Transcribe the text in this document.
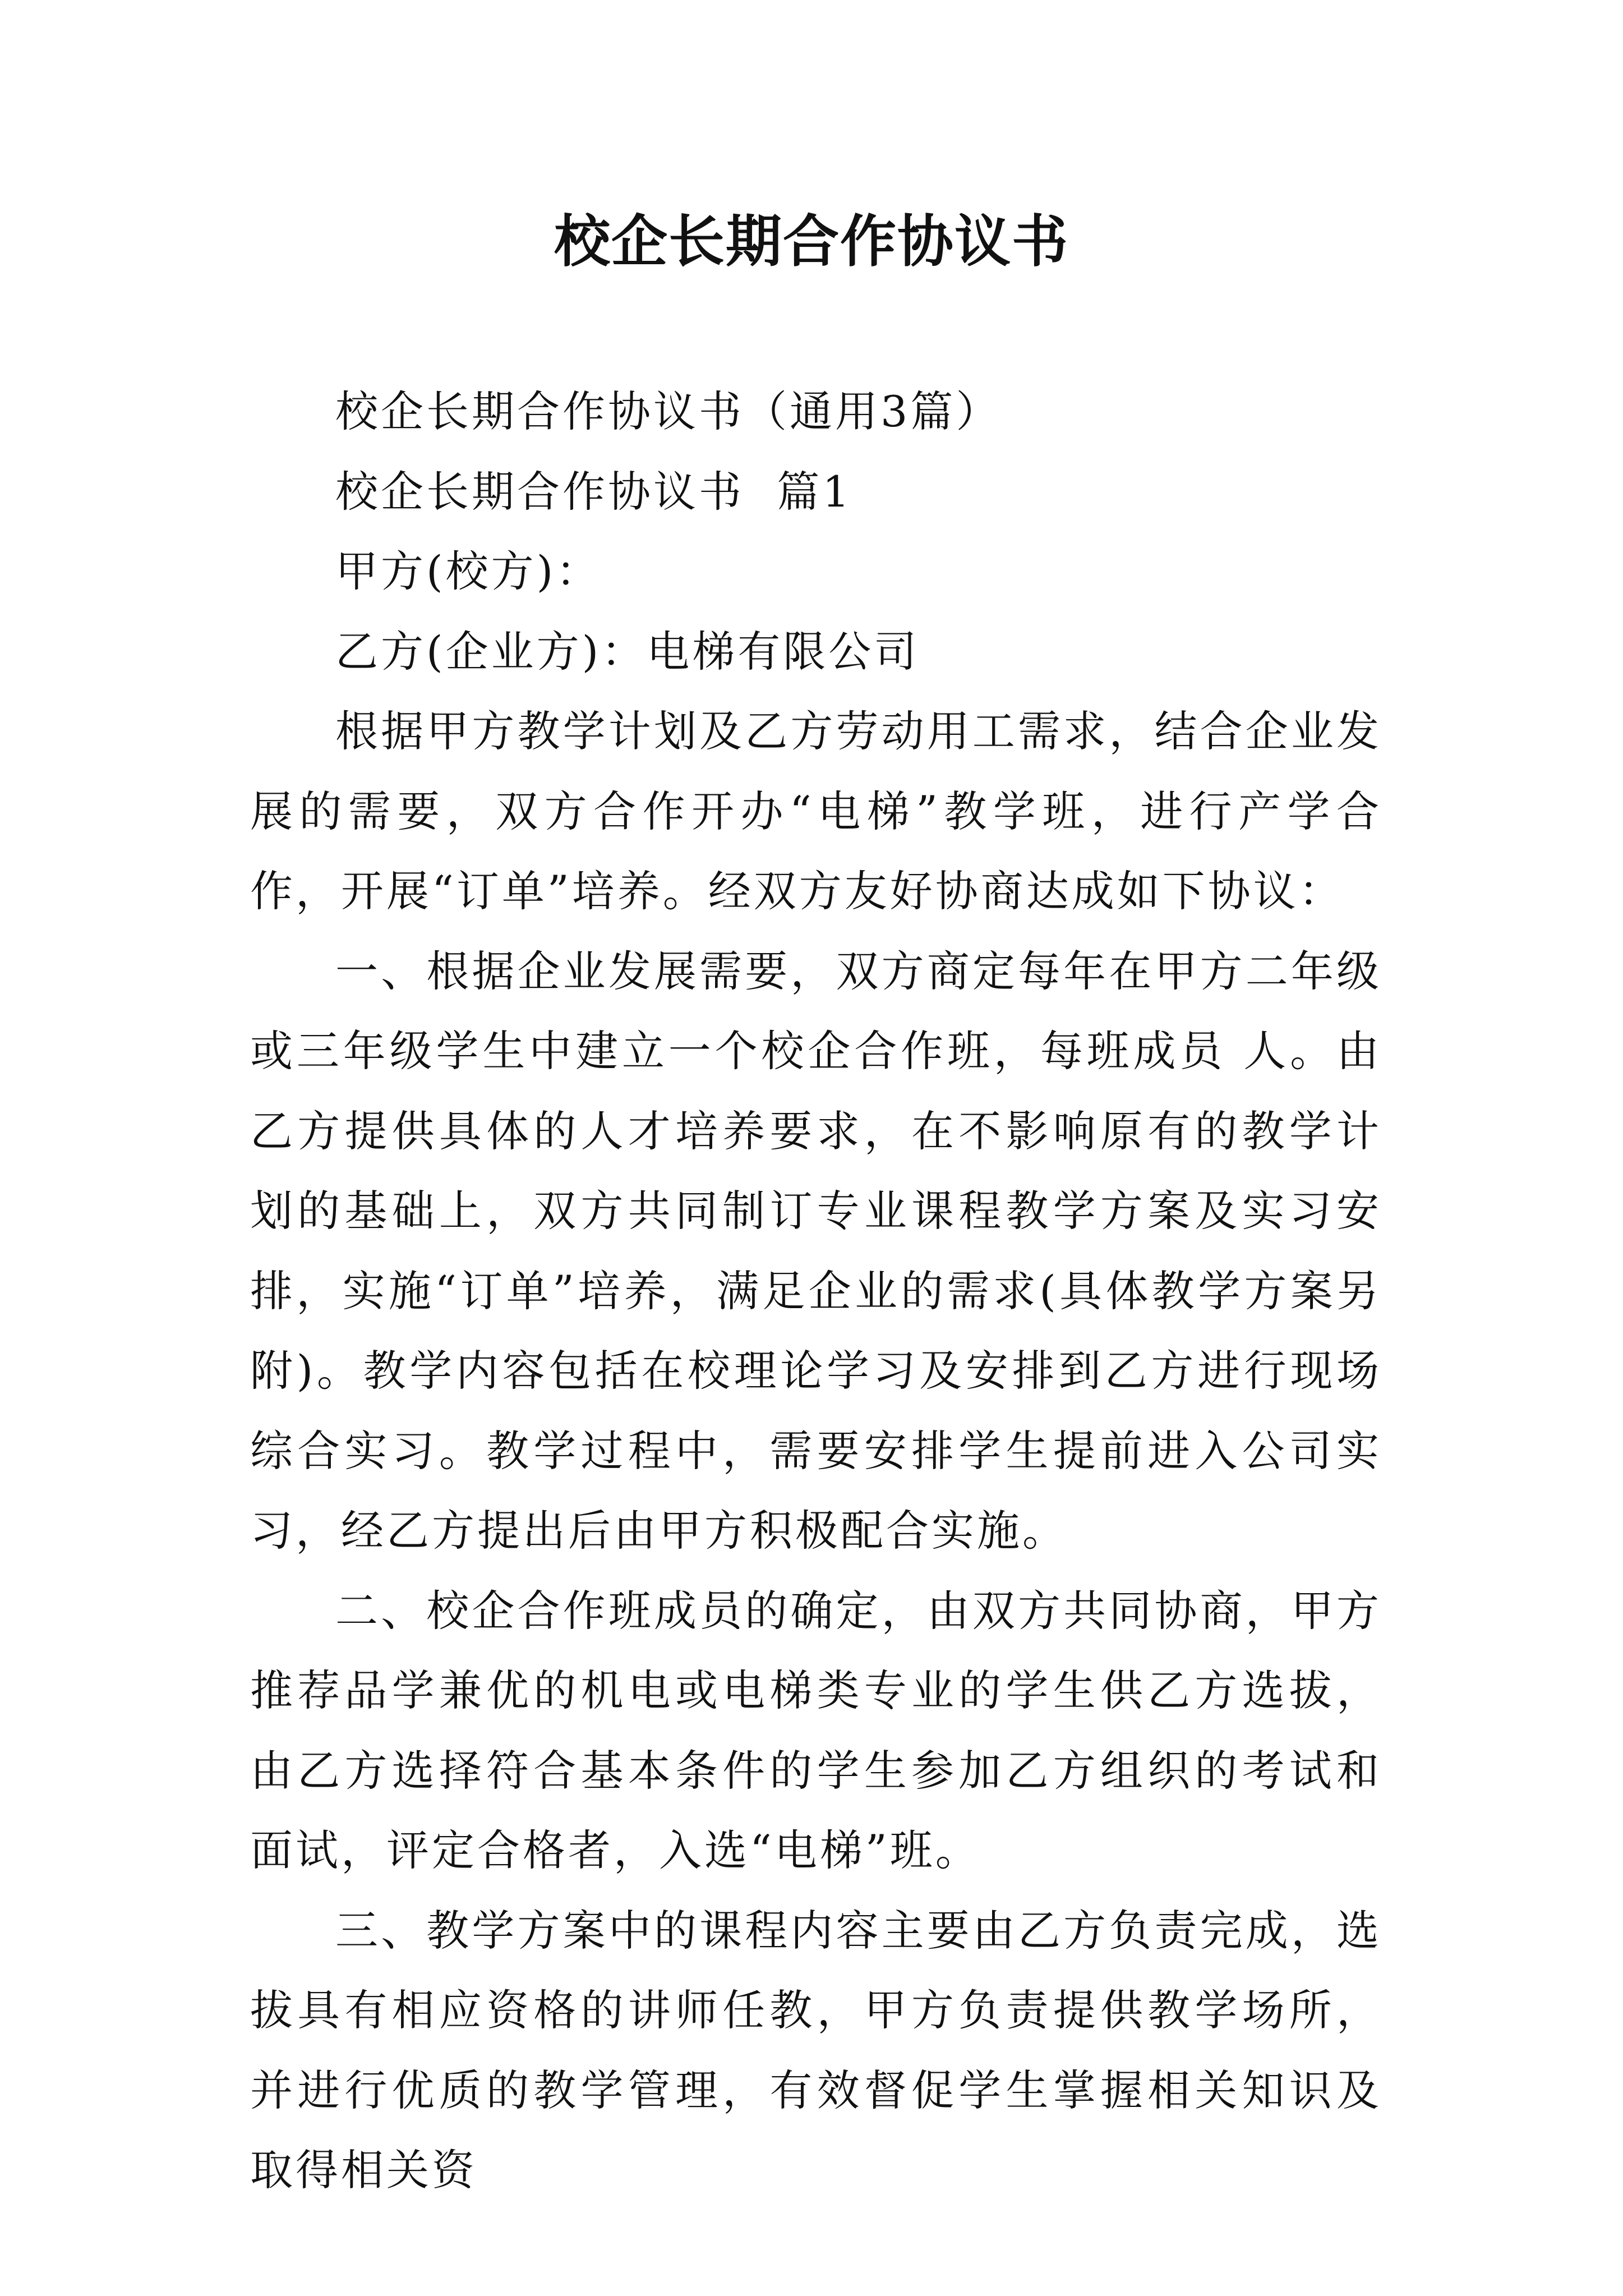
校企长期合作协议书

校企长期合作协议书（通用3篇）

校企长期合作协议书  篇1

甲方(校方)：

乙方(企业方)：电梯有限公司

根据甲方教学计划及乙方劳动用工需求，结合企业发展的需要，双方合作开办“电梯”教学班，进行产学合作，开展“订单”培养。经双方友好协商达成如下协议：

一、根据企业发展需要，双方商定每年在甲方二年级或三年级学生中建立一个校企合作班，每班成员 人。由乙方提供具体的人才培养要求，在不影响原有的教学计划的基础上，双方共同制订专业课程教学方案及实习安排，实施“订单”培养，满足企业的需求(具体教学方案另附)。教学内容包括在校理论学习及安排到乙方进行现场综合实习。教学过程中，需要安排学生提前进入公司实习，经乙方提出后由甲方积极配合实施。

二、校企合作班成员的确定，由双方共同协商，甲方推荐品学兼优的机电或电梯类专业的学生供乙方选拔，由乙方选择符合基本条件的学生参加乙方组织的考试和面试，评定合格者，入选“电梯”班。

三、教学方案中的课程内容主要由乙方负责完成，选拔具有相应资格的讲师任教，甲方负责提供教学场所，并进行优质的教学管理，有效督促学生掌握相关知识及取得相关资
